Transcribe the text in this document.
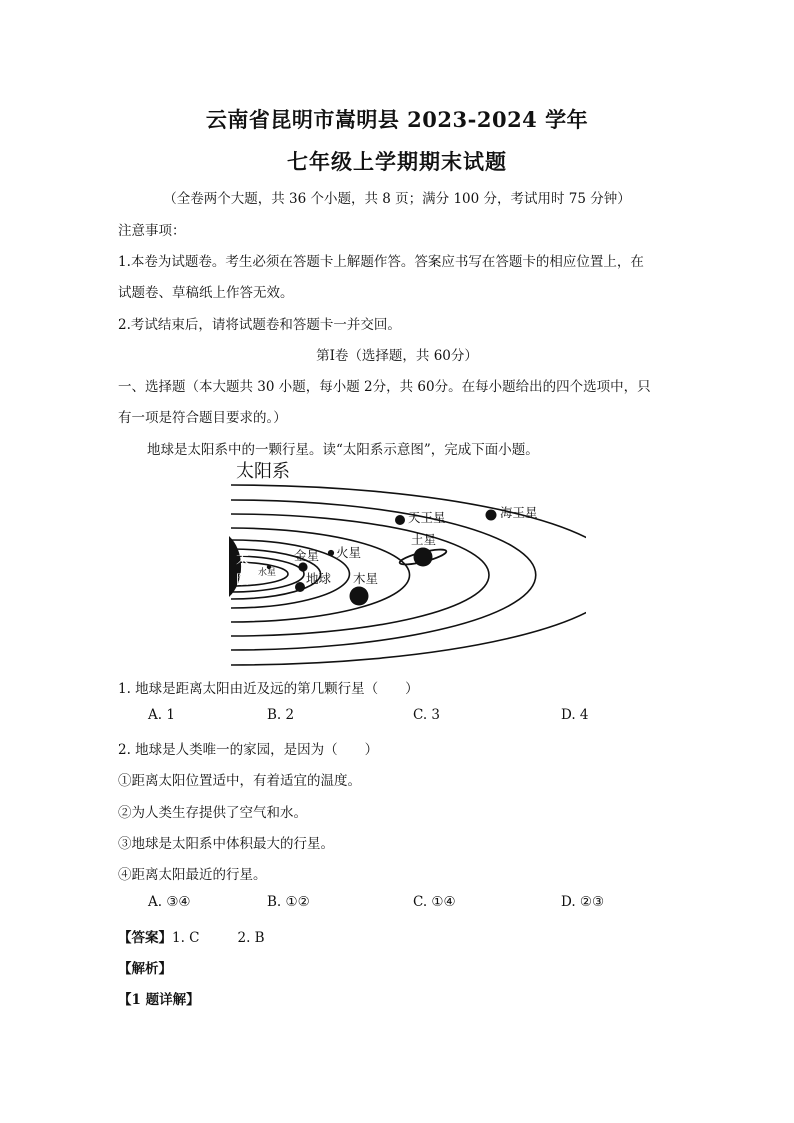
云南省昆明市嵩明县 2023-2024 学年
七年级上学期期末试题
（全卷两个大题，共 36 个小题，共 8 页；满分 100 分，考试用时 75 分钟）
注意事项：
1.本卷为试题卷。考生必须在答题卡上解题作答。答案应书写在答题卡的相应位置上，在
试题卷、草稿纸上作答无效。
2.考试结束后，请将试题卷和答题卡一并交回。
第Ⅰ卷（选择题，共 60分）
一、选择题（本大题共 30 小题，每小题 2分，共 60分。在每小题给出的四个选项中，只
有一项是符合题目要求的。）
地球是太阳系中的一颗行星。读“太阳系示意图”，完成下面小题。
太阳系
太
阳 水星
金星
地球
火星
木星
土星
天王星	海王星
1. 地球是距离太阳由近及远的第几颗行星（　　）
A. 1	B. 2	C. 3	D. 4
2. 地球是人类唯一的家园，是因为（　　）
①距离太阳位置适中，有着适宜的温度。
②为人类生存提供了空气和水。
③地球是太阳系中体积最大的行星。
④距离太阳最近的行星。
A. ③④	B. ①②	C. ①④	D. ②③
【答案】1. C	2. B
【解析】
【1 题详解】
